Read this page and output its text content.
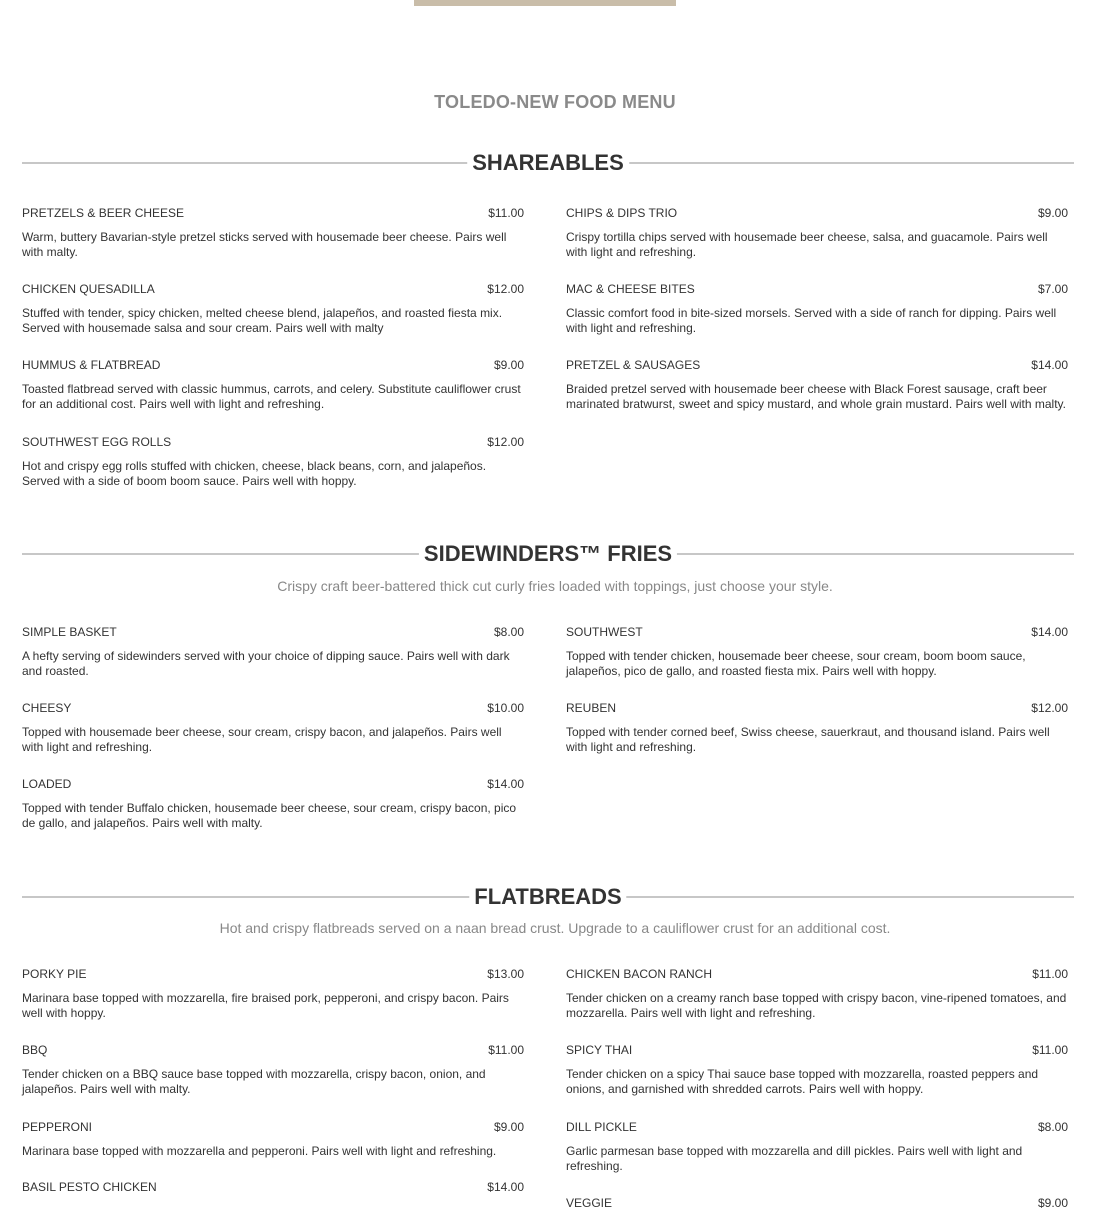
TOLEDO-NEW FOOD MENU
SHAREABLES
PRETZELS & BEER CHEESE	$11.00
Warm, buttery Bavarian-style pretzel sticks served with housemade beer cheese. Pairs well with malty.
CHIPS & DIPS TRIO	$9.00
Crispy tortilla chips served with housemade beer cheese, salsa, and guacamole. Pairs well with light and refreshing.
CHICKEN QUESADILLA	$12.00
Stuffed with tender, spicy chicken, melted cheese blend, jalapeños, and roasted fiesta mix. Served with housemade salsa and sour cream. Pairs well with malty
MAC & CHEESE BITES	$7.00
Classic comfort food in bite-sized morsels. Served with a side of ranch for dipping. Pairs well with light and refreshing.
HUMMUS & FLATBREAD	$9.00
Toasted flatbread served with classic hummus, carrots, and celery. Substitute cauliflower crust for an additional cost. Pairs well with light and refreshing.
PRETZEL & SAUSAGES	$14.00
Braided pretzel served with housemade beer cheese with Black Forest sausage, craft beer marinated bratwurst, sweet and spicy mustard, and whole grain mustard. Pairs well with malty.
SOUTHWEST EGG ROLLS	$12.00
Hot and crispy egg rolls stuffed with chicken, cheese, black beans, corn, and jalapeños. Served with a side of boom boom sauce. Pairs well with hoppy.
SIDEWINDERS™ FRIES
Crispy craft beer-battered thick cut curly fries loaded with toppings, just choose your style.
SIMPLE BASKET	$8.00
A hefty serving of sidewinders served with your choice of dipping sauce. Pairs well with dark and roasted.
SOUTHWEST	$14.00
Topped with tender chicken, housemade beer cheese, sour cream, boom boom sauce, jalapeños, pico de gallo, and roasted fiesta mix. Pairs well with hoppy.
CHEESY	$10.00
Topped with housemade beer cheese, sour cream, crispy bacon, and jalapeños. Pairs well with light and refreshing.
REUBEN	$12.00
Topped with tender corned beef, Swiss cheese, sauerkraut, and thousand island. Pairs well with light and refreshing.
LOADED	$14.00
Topped with tender Buffalo chicken, housemade beer cheese, sour cream, crispy bacon, pico de gallo, and jalapeños. Pairs well with malty.
FLATBREADS
Hot and crispy flatbreads served on a naan bread crust. Upgrade to a cauliflower crust for an additional cost.
PORKY PIE	$13.00
Marinara base topped with mozzarella, fire braised pork, pepperoni, and crispy bacon. Pairs well with hoppy.
CHICKEN BACON RANCH	$11.00
Tender chicken on a creamy ranch base topped with crispy bacon, vine-ripened tomatoes, and mozzarella. Pairs well with light and refreshing.
BBQ	$11.00
Tender chicken on a BBQ sauce base topped with mozzarella, crispy bacon, onion, and jalapeños. Pairs well with malty.
SPICY THAI	$11.00
Tender chicken on a spicy Thai sauce base topped with mozzarella, roasted peppers and onions, and garnished with shredded carrots. Pairs well with hoppy.
PEPPERONI	$9.00
Marinara base topped with mozzarella and pepperoni. Pairs well with light and refreshing.
DILL PICKLE	$8.00
Garlic parmesan base topped with mozzarella and dill pickles. Pairs well with light and refreshing.
BASIL PESTO CHICKEN	$14.00
VEGGIE	$9.00
